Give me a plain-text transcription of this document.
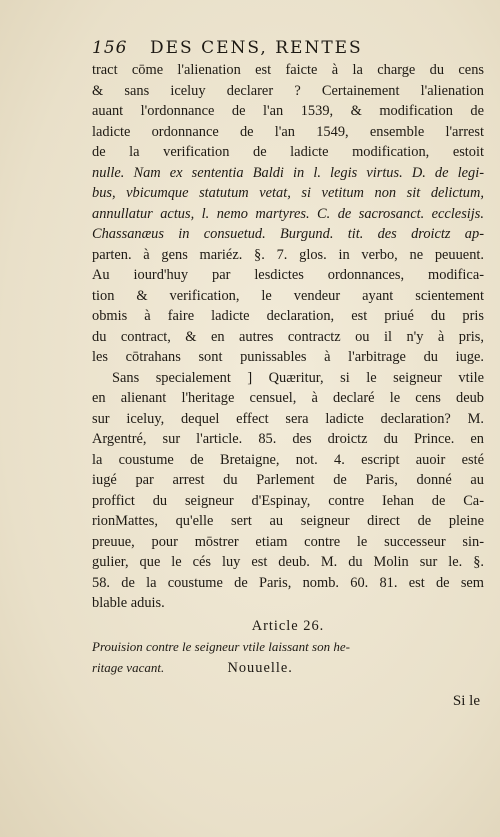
156 DES CENS, RENTES
tract cōme l'alienation est faicte à la charge du cens
& sans iceluy declarer ? Certainement l'alienation
auant l'ordonnance de l'an 1539, & modification de
ladicte ordonnance de l'an 1549, ensemble l'arrest
de la verification de ladicte modification, estoit
nulle. Nam ex sententia Baldi in l. legis virtus. D. de legi-
bus, vbicumque statutum vetat, si vetitum non sit delictum,
annullatur actus, l. nemo martyres. C. de sacrosanct. ecclesijs.
Chassanæus in consuetud. Burgund. tit. des droictz ap-
parten. à gens mariéz. §. 7. glos. in verbo, ne peuuent.
Au iourd'huy par lesdictes ordonnances, modifica-
tion & verification, le vendeur ayant scientement
obmis à faire ladicte declaration, est priué du pris
du contract, & en autres contractz ou il n'y à pris,
les cōtrahans sont punissables à l'arbitrage du iuge.
Sans specialement ] Quæritur, si le seigneur vtile
en alienant l'heritage censuel, à declaré le cens deub
sur iceluy, dequel effect sera ladicte declaration? M.
Argentré, sur l'article. 85. des droictz du Prince. en
la coustume de Bretaigne, not. 4. escript auoir esté
iugé par arrest du Parlement de Paris, donné au
proffict du seigneur d'Espinay, contre Iehan de Ca-
rionMattes, qu'elle sert au seigneur direct de pleine
preuue, pour mōstrer etiam contre le successeur sin-
gulier, que le cés luy est deub. M. du Molin sur le. §.
58. de la coustume de Paris, nomb. 60. 81. est de sem
blable aduis.
Article 26.
Prouision contre le seigneur vtile laissant son he-
ritage vacant.	Nouuelle.
Si le
